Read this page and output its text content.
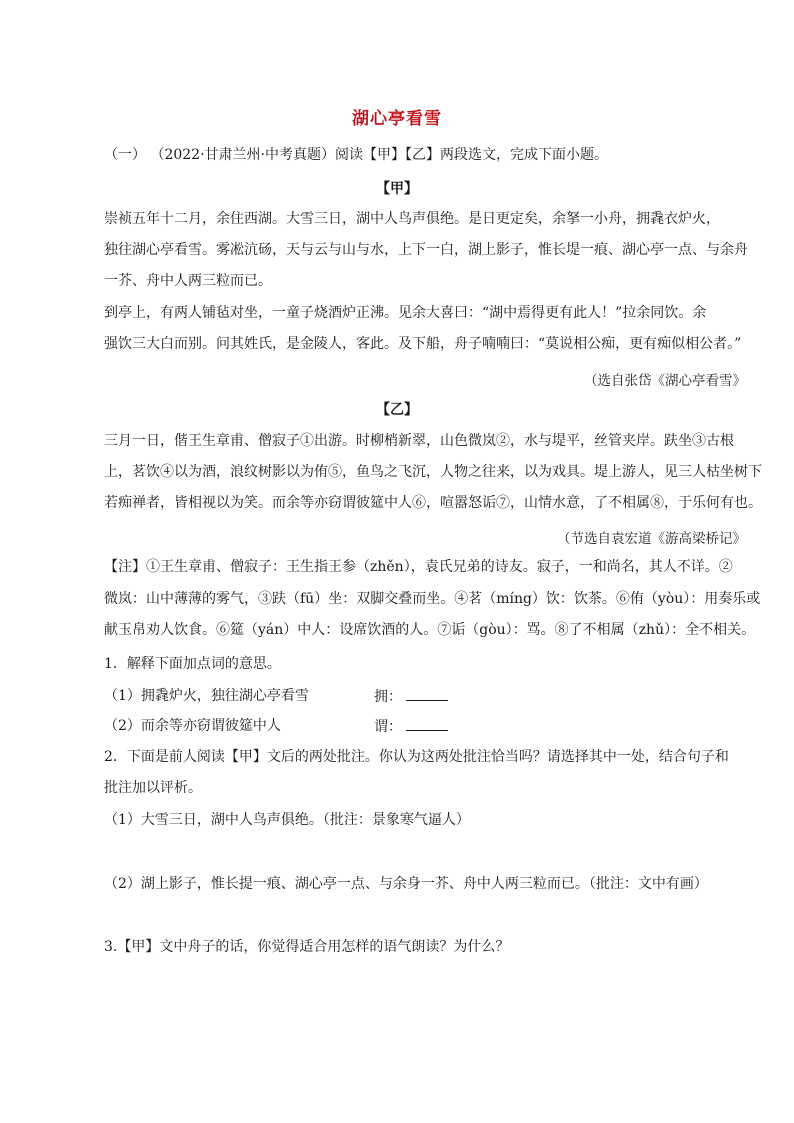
湖心亭看雪
（一） （2022·甘肃兰州·中考真题）阅读【甲】【乙】两段选文，完成下面小题。
【甲】
崇祯五年十二月，余住西湖。大雪三日，湖中人鸟声俱绝。是日更定矣，余拏一小舟，拥毳衣炉火，
独往湖心亭看雪。雾凇沆砀，天与云与山与水，上下一白，湖上影子，惟长堤一痕、湖心亭一点、与余舟
一芥、舟中人两三粒而已。
到亭上，有两人铺毡对坐，一童子烧酒炉正沸。见余大喜曰：“湖中焉得更有此人！”拉余同饮。余
强饮三大白而别。问其姓氏，是金陵人，客此。及下船，舟子喃喃曰：“莫说相公痴，更有痴似相公者。”
（选自张岱《湖心亭看雪》
【乙】
三月一日，偕王生章甫、僧寂子①出游。时柳梢新翠，山色微岚②，水与堤平，丝管夹岸。趺坐③古根
上，茗饮④以为酒，浪纹树影以为侑⑤，鱼鸟之飞沉，人物之往来，以为戏具。堤上游人，见三人枯坐树下
若痴禅者，皆相视以为笑。而余等亦窃谓彼筵中人⑥，喧嚣怒诟⑦，山情水意，了不相属⑧，于乐何有也。
（节选自袁宏道《游高梁桥记》
【注】①王生章甫、僧寂子：王生指王参（zhěn），袁氏兄弟的诗友。寂子，一和尚名，其人不详。②
微岚：山中薄薄的雾气，③趺（fū）坐：双脚交叠而坐。④茗（míng）饮：饮茶。⑥侑（yòu）：用奏乐或
献玉帛劝人饮食。⑥筵（yán）中人：设席饮酒的人。⑦诟（gòu）：骂。⑧了不相属（zhǔ）：全不相关。
1．解释下面加点词的意思。
（1）拥毳炉火，独往湖心亭看雪	拥：
（2）而余等亦窃谓彼筵中人	谓：
2．下面是前人阅读【甲】文后的两处批注。你认为这两处批注恰当吗？请选择其中一处，结合句子和
批注加以评析。
（1）大雪三日，湖中人鸟声俱绝。（批注：景象寒气逼人）
（2）湖上影子，惟长提一痕、湖心亭一点、与余身一芥、舟中人两三粒而已。（批注：文中有画）
3.【甲】文中舟子的话，你觉得适合用怎样的语气朗读？为什么？
